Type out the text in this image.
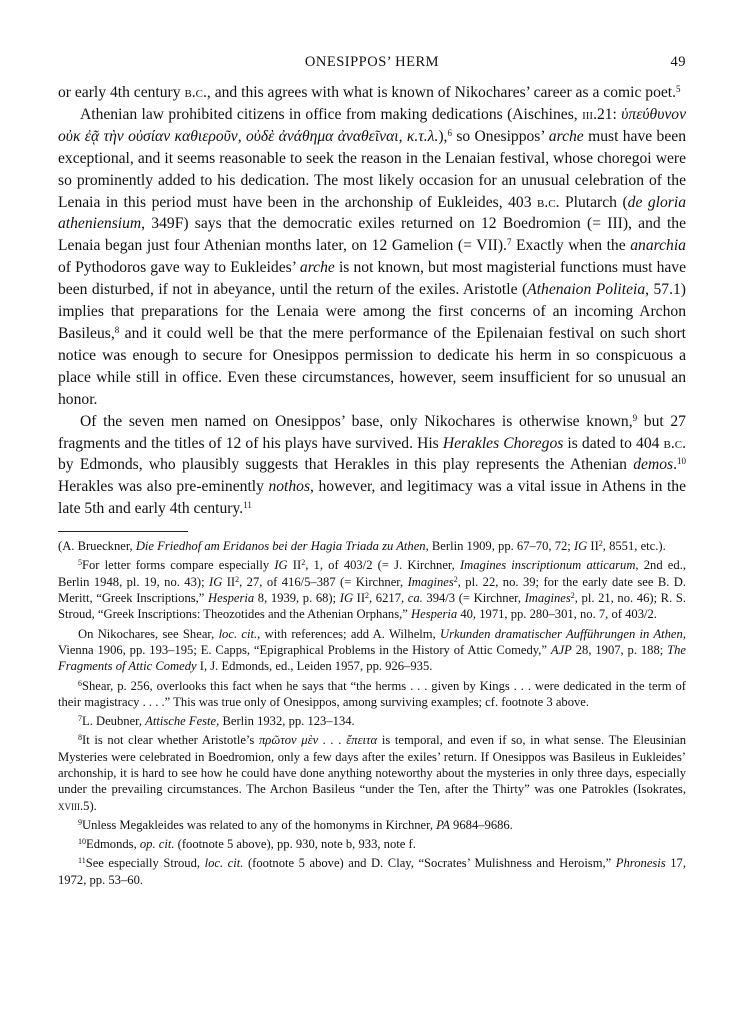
ONESIPPOS’ HERM	49

or early 4th century b.c., and this agrees with what is known of Nikochares’ career as a comic poet.$^5$

Athenian law prohibited citizens in office from making dedications (Aischines, iii.21: ὑπεύθυνον οὐκ ἐᾷ τὴν οὐσίαν καθιεροῦν, οὐδὲ ἀνάθημα ἀναθεῖναι, κ.τ.λ.),$^6$ so Onesippos’ arche must have been exceptional, and it seems reasonable to seek the reason in the Lenaian festival, whose choregoi were so prominently added to his dedication. The most likely occasion for an unusual celebration of the Lenaia in this period must have been in the archonship of Eukleides, 403 b.c. Plutarch (de gloria atheniensium, 349F) says that the democratic exiles returned on 12 Boedromion (= III), and the Lenaia began just four Athenian months later, on 12 Gamelion (= VII).$^7$ Exactly when the anarchia of Pythodoros gave way to Eukleides’ arche is not known, but most magisterial functions must have been disturbed, if not in abeyance, until the return of the exiles. Aristotle (Athenaion Politeia, 57.1) implies that preparations for the Lenaia were among the first concerns of an incoming Archon Basileus,$^8$ and it could well be that the mere performance of the Epilenaian festival on such short notice was enough to secure for Onesippos permission to dedicate his herm in so conspicuous a place while still in office. Even these circumstances, however, seem insufficient for so unusual an honor.

Of the seven men named on Onesippos’ base, only Nikochares is otherwise known,$^9$ but 27 fragments and the titles of 12 of his plays have survived. His Herakles Choregos is dated to 404 b.c. by Edmonds, who plausibly suggests that Herakles in this play represents the Athenian demos.$^{10}$ Herakles was also pre-eminently nothos, however, and legitimacy was a vital issue in Athens in the late 5th and early 4th century.$^{11}$

(A. Brueckner, Die Friedhof am Eridanos bei der Hagia Triada zu Athen, Berlin 1909, pp. 67–70, 72; IG $II^2$, 8551, etc.).

$^5$For letter forms compare especially IG $II^2$, 1, of 403/2 (= J. Kirchner, Imagines inscriptionum atticarum, 2nd ed., Berlin 1948, pl. 19, no. 43); IG $II^2$, 27, of 416/5–387 (= Kirchner, Imagines$^2$, pl. 22, no. 39; for the early date see B. D. Meritt, “Greek Inscriptions,” Hesperia 8, 1939, p. 68); IG $II^2$, 6217, ca. 394/3 (= Kirchner, Imagines$^2$, pl. 21, no. 46); R. S. Stroud, “Greek Inscriptions: Theozotides and the Athenian Orphans,” Hesperia 40, 1971, pp. 280–301, no. 7, of 403/2.

On Nikochares, see Shear, loc. cit., with references; add A. Wilhelm, Urkunden dramatischer Aufführungen in Athen, Vienna 1906, pp. 193–195; E. Capps, “Epigraphical Problems in the History of Attic Comedy,” AJP 28, 1907, p. 188; The Fragments of Attic Comedy I, J. Edmonds, ed., Leiden 1957, pp. 926–935.

$^6$Shear, p. 256, overlooks this fact when he says that “the herms . . . given by Kings . . . were dedicated in the term of their magistracy . . . .” This was true only of Onesippos, among surviving examples; cf. footnote 3 above.

$^7$L. Deubner, Attische Feste, Berlin 1932, pp. 123–134.

$^8$It is not clear whether Aristotle’s πρῶτον μὲν . . . ἔπειτα is temporal, and even if so, in what sense. The Eleusinian Mysteries were celebrated in Boedromion, only a few days after the exiles’ return. If Onesippos was Basileus in Eukleides’ archonship, it is hard to see how he could have done anything noteworthy about the mysteries in only three days, especially under the prevailing circumstances. The Archon Basileus “under the Ten, after the Thirty” was one Patrokles (Isokrates, xviii.5).

$^9$Unless Megakleides was related to any of the homonyms in Kirchner, PA 9684–9686.

$^{10}$Edmonds, op. cit. (footnote 5 above), pp. 930, note b, 933, note f.

$^{11}$See especially Stroud, loc. cit. (footnote 5 above) and D. Clay, “Socrates’ Mulishness and Heroism,” Phronesis 17, 1972, pp. 53–60.
